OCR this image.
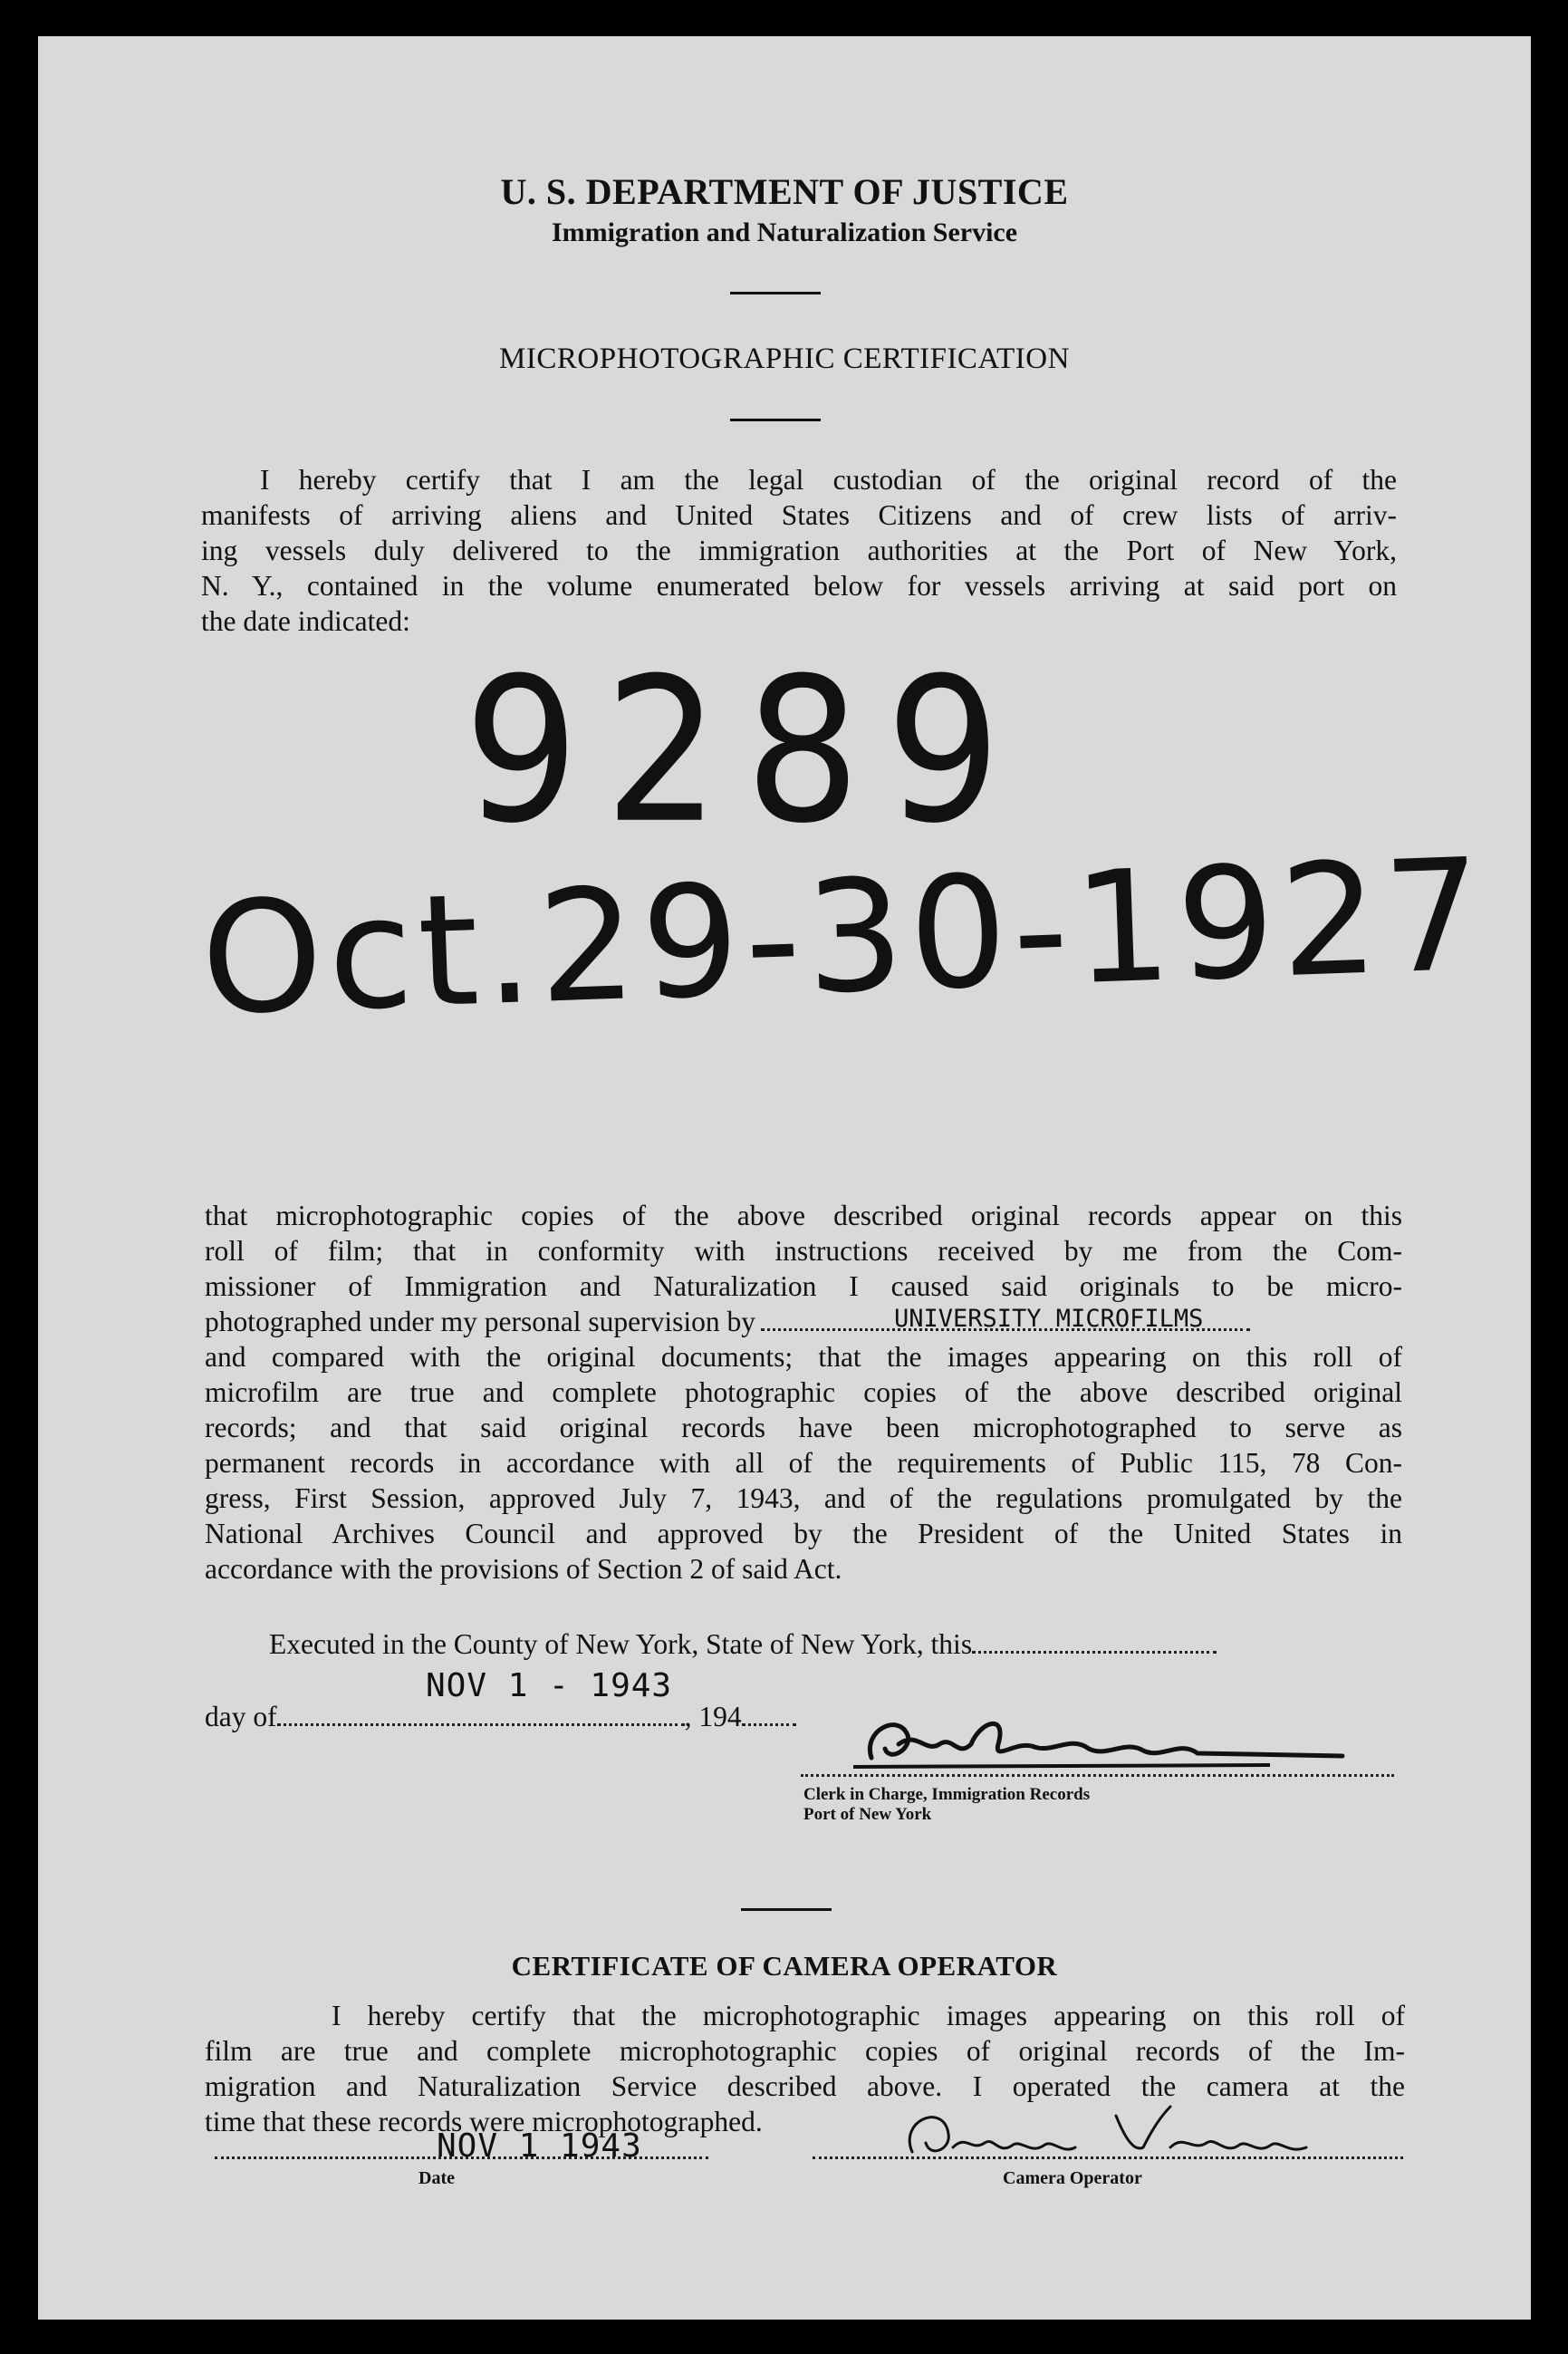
U. S. DEPARTMENT OF JUSTICE
Immigration and Naturalization Service
MICROPHOTOGRAPHIC CERTIFICATION
I hereby certify that I am the legal custodian of the original record of the
manifests of arriving aliens and United States Citizens and of crew lists of arriv-
ing vessels duly delivered to the immigration authorities at the Port of New York,
N. Y., contained in the volume enumerated below for vessels arriving at said port on
the date indicated:
9289
Oct.29-30-1927
that microphotographic copies of the above described original records appear on this
roll of film; that in conformity with instructions received by me from the Com-
missioner of Immigration and Naturalization I caused said originals to be micro-
photographed under my personal supervision by
and compared with the original documents; that the images appearing on this roll of
microfilm are true and complete photographic copies of the above described original
records; and that said original records have been microphotographed to serve as
permanent records in accordance with all of the requirements of Public 115, 78 Con-
gress, First Session, approved July 7, 1943, and of the regulations promulgated by the
National Archives Council and approved by the President of the United States in
accordance with the provisions of Section 2 of said Act.
UNIVERSITY MICROFILMS
Executed in the County of New York, State of New York, this
day of	, 194
NOV 1 - 1943
Clerk in Charge, Immigration Records
Port of New York
CERTIFICATE OF CAMERA OPERATOR
I hereby certify that the microphotographic images appearing on this roll of
film are true and complete microphotographic copies of original records of the Im-
migration and Naturalization Service described above. I operated the camera at the
time that these records were microphotographed.
NOV 1 1943
Date	Camera Operator
